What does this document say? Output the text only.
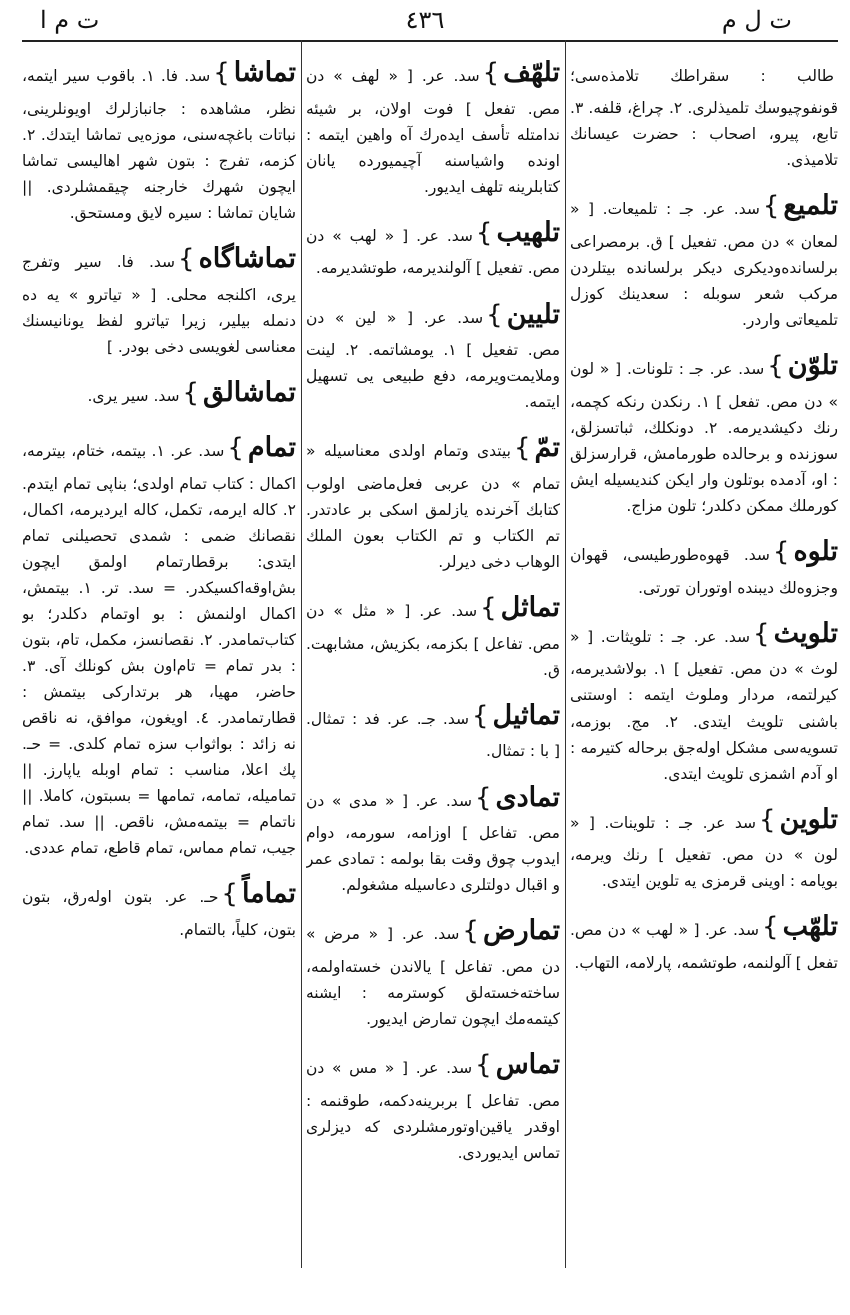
ت ل م
٤٣٦
ت م ا
طالب : سقراطك تلامذه‌سی؛ قونفوچیوسك تلمیذلری. ٢. چراغ، قلفه. ٣. تابع، پیرو، اصحاب : حضرت عیسانك تلامیذی.
تلمیع}سد. عر. جـ : تلمیعات. [ « لمعان » دن مص. تفعیل ] ق. برمصراعی برلسانده‌ودیکری دیکر برلسانده بیتلردن مرکب شعر سوبله : سعدینك کوزل تلمیعاتی واردر.
تلوّن}سد. عر. جـ : تلونات. [ « لون » دن مص. تفعل ] ١. رنکدن رنکه کچمه، رنك دکیشدیرمه. ٢. دونکلك، ثباتسزلق، سوزنده و برحالده طورمامش، قرارسزلق : او، آدمده بوتلون وار ایکن کندیسیله ایش کورملك ممکن دکلدر؛ تلون مزاج.
تلوه}سد. قهوه‌طورطیسی، قهوان وجزوه‌لك دیبنده اوتوران تورتی.
تلویث}سد. عر. جـ : تلویثات. [ « لوث » دن مص. تفعیل ] ١. بولاشدیرمه، کیرلتمه، مردار وملوث ایتمه : اوستنی باشنی تلویث ایتدی. ٢. مج. بوزمه، تسویه‌سی مشکل اوله‌جق برحاله کتیرمه : او آدم اشمزی تلویث ایتدی.
تلوین}سد عر. جـ : تلوینات. [ « لون » دن مص. تفعیل ] رنك ویرمه، بویامه : اوینی قرمزی یه تلوین ایتدی.
تلهّب}سد. عر. [ « لهب » دن مص. تفعل ] آلولنمه، طوتشمه، پارلامه، التهاب.
تلهّف}سد. عر. [ « لهف » دن مص. تفعل ] فوت اولان، بر شیئه ندامتله تأسف ایده‌رك آه واهین ایتمه : اونده واشیاسنه آچیمیورده یانان کتابلرینه تلهف ایدیور.
تلهیب}سد. عر. [ « لهب » دن مص. تفعیل ] آلولندیرمه، طوتشدیرمه.
تلیین}سد. عر. [ « لین » دن مص. تفعیل ] ١. یومشاتمه. ٢. لینت وملایمت‌ویرمه، دفع طبیعی یی تسهیل ایتمه.
تمّ}بیتدی وتمام اولدی معناسیله « تمام » دن عربی فعل‌ماضی اولوب کتابك آخرنده یازلمق اسکی بر عادتدر. تم الکتاب و تم الکتاب بعون الملك الوهاب دخی دیرلر.
تماثل}سد. عر. [ « مثل » دن مص. تفاعل ] بکزمه، بکزیش، مشابهت. ق.
تماثیل}سد. جـ. عر. فد : تمثال. [ با : تمثال.
تمادی}سد. عر. [ « مدی » دن مص. تفاعل ] اوزامه، سورمه، دوام ایدوب چوق وقت بقا بولمه : تمادی عمر و اقبال دولتلری دعاسیله مشغولم.
تمارض}سد. عر. [ « مرض » دن مص. تفاعل ] یالاندن خسته‌اولمه، ساخته‌خسته‌لق کوسترمه : ایشنه کیتمه‌مك ایچون تمارض ایدیور.
تماس}سد. عر. [ « مس » دن مص. تفاعل ] بربرینه‌دکمه، طوقنمه : اوقدر یاقین‌اوتورمشلردی که دیزلری تماس ایدیوردی.
تماشا}سد. فا. ١. باقوب سیر ایتمه، نظر، مشاهده : جانبازلرك اویونلرینی، نباتات باغچه‌سنی، موزه‌یی تماشا ایتدك. ٢. کزمه، تفرج : بتون شهر اهالیسی تماشا ایچون شهرك خارجنه چیقمشلردی. || شایان تماشا : سیره لایق ومستحق.
تماشاگاه}سد. فا. سیر وتفرج یری، اکلنجه محلی. [ « تیاترو » یه ده دنمله بیلیر، زیرا تیاترو لفظ یونانیسنك معناسی لغویسی‌ دخی بودر. ]
تماشالق}سد. سیر یری.
تمام}سد. عر. ١. بیتمه، ختام، بیترمه، اکمال : کتاب تمام اولدی؛ بناپی تمام ایتدم. ٢. کاله ایرمه، تکمل، کاله ایردیرمه، اکمال، نقصانك ضمی : شمدی تحصیلنی تمام ایتدی: برقطارتمام اولمق ایچون بش‌اوقه‌اکسیکدر. = سد. تر. ١. بیتمش، اکمال اولنمش : بو اوتمام دکلدر؛ بو کتاب‌تمامدر. ٢. نقصانسز، مکمل، تام، بتون : بدر تمام = تام‌اون بش کونلك آی. ٣. حاضر، مهیا، هر برتدارکی بیتمش : قطارتمامدر. ٤. اویغون، موافق، نه ناقص نه زائد : بواثواب سزه تمام کلدی. = حـ. پك اعلا، مناسب : تمام اوبله یاپارز. || تمامیله، تمامه، تمامها = بسبتون، کاملا. || ناتمام = بیتمه‌مش، ناقص. || سد. تمام جیب، تمام مماس، تمام قاطع، تمام عددی.
تماماً}حـ. عر. بتون اوله‌رق، بتون بتون، کلیاً، بالتمام.
